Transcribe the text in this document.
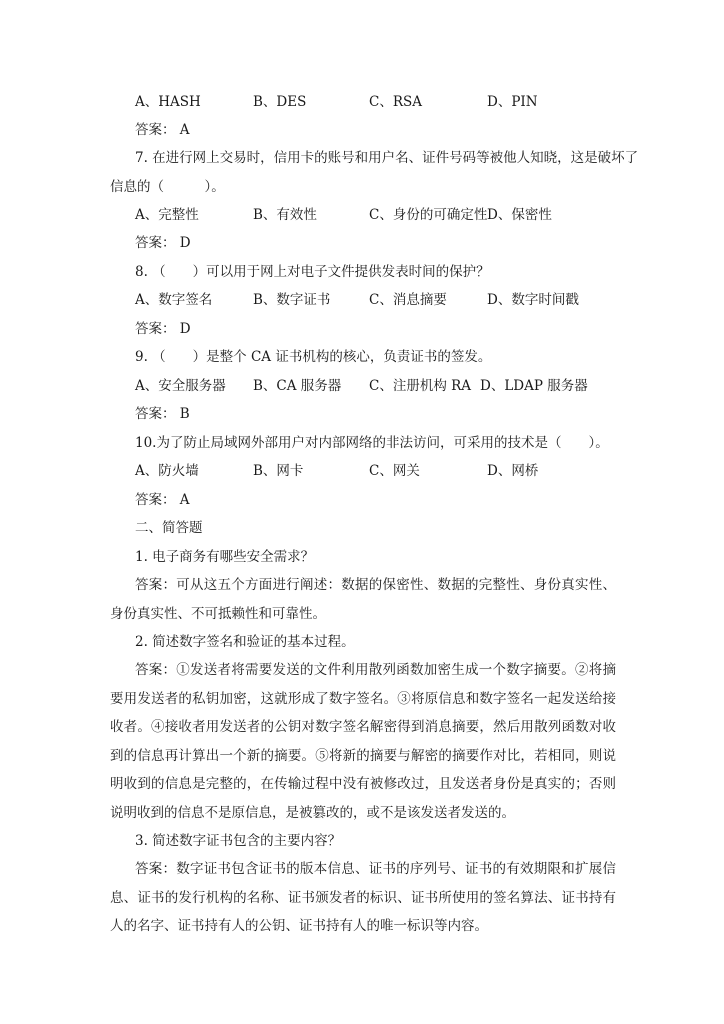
A、HASH	B、DES	C、RSA	D、PIN
答案： A
7. 在进行网上交易时，信用卡的账号和用户名、证件号码等被他人知晓，这是破坏了
信息的（　　　）。
A、完整性	B、有效性	C、身份的可确定性 D、保密性
答案： D
8. （　　）可以用于网上对电子文件提供发表时间的保护？
A、数字签名	B、数字证书	C、消息摘要	D、数字时间戳
答案： D
9. （　　）是整个 CA 证书机构的核心，负责证书的签发。
A、安全服务器 B、CA 服务器 C、注册机构 RA D、LDAP 服务器
答案： B
10.为了防止局域网外部用户对内部网络的非法访问，可采用的技术是（　　）。
A、防火墙	B、网卡	C、网关	D、网桥
答案： A
二、简答题
1. 电子商务有哪些安全需求？
答案：可从这五个方面进行阐述：数据的保密性、数据的完整性、身份真实性、身份真实性、不可抵赖性和可靠性。
2. 简述数字签名和验证的基本过程。
答案：①发送者将需要发送的文件利用散列函数加密生成一个数字摘要。②将摘要用发送者的私钥加密，这就形成了数字签名。③将原信息和数字签名一起发送给接收者。④接收者用发送者的公钥对数字签名解密得到消息摘要，然后用散列函数对收到的信息再计算出一个新的摘要。⑤将新的摘要与解密的摘要作对比，若相同，则说明收到的信息是完整的，在传输过程中没有被修改过，且发送者身份是真实的；否则说明收到的信息不是原信息，是被篡改的，或不是该发送者发送的。
3. 简述数字证书包含的主要内容？
答案：数字证书包含证书的版本信息、证书的序列号、证书的有效期限和扩展信息、证书的发行机构的名称、证书颁发者的标识、证书所使用的签名算法、证书持有人的名字、证书持有人的公钥、证书持有人的唯一标识等内容。
